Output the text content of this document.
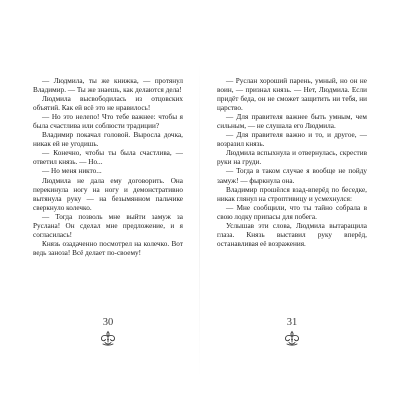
— Людмила, ты же книжка, — протянул Владимир. — Ты же знаешь, как делаются дела!

Людмила высвободилась из отцовских объятий. Как ей всё это не нравилось!

— Но это нелепо! Что тебе важнее: чтобы я была счастлива или соблюсти традиции?

Владимир покачал головой. Выросла дочка, никак ей не угодишь.

— Конечно, чтобы ты была счастлива, — ответил князь. — Но...

— Но меня никто...

Людмила не дала ему договорить. Она перекинула ногу на ногу и демонстративно вытянула руку — на безымянном пальчике сверкнуло колечко.

— Тогда позволь мне выйти замуж за Руслана! Он сделал мне предложение, и я согласилась!

Князь озадаченно посмотрел на колечко. Вот ведь заноза! Всё делает по-своему!

30

— Руслан хороший парень, умный, но он не воин, — признал князь. — Нет, Людмила. Если придёт беда, он не сможет защитить ни тебя, ни царство.

— Для правителя важнее быть умным, чем сильным, — не слушала его Людмила.

— Для правителя важно и то, и другое, — возразил князь.

Людмила вспыхнула и отвернулась, скрестив руки на груди.

— Тогда в таком случае я вообще не пойду замуж! — фыркнула она.

Владимир прошёлся взад-вперёд по беседке, никак глянул на строптивицу и усмехнулся:

— Мне сообщили, что ты тайно собрала в свою лодку припасы для побега.

Услышав эти слова, Людмила вытаращила глаза. Князь выставил руку вперёд, останавливая её возражения.

31
